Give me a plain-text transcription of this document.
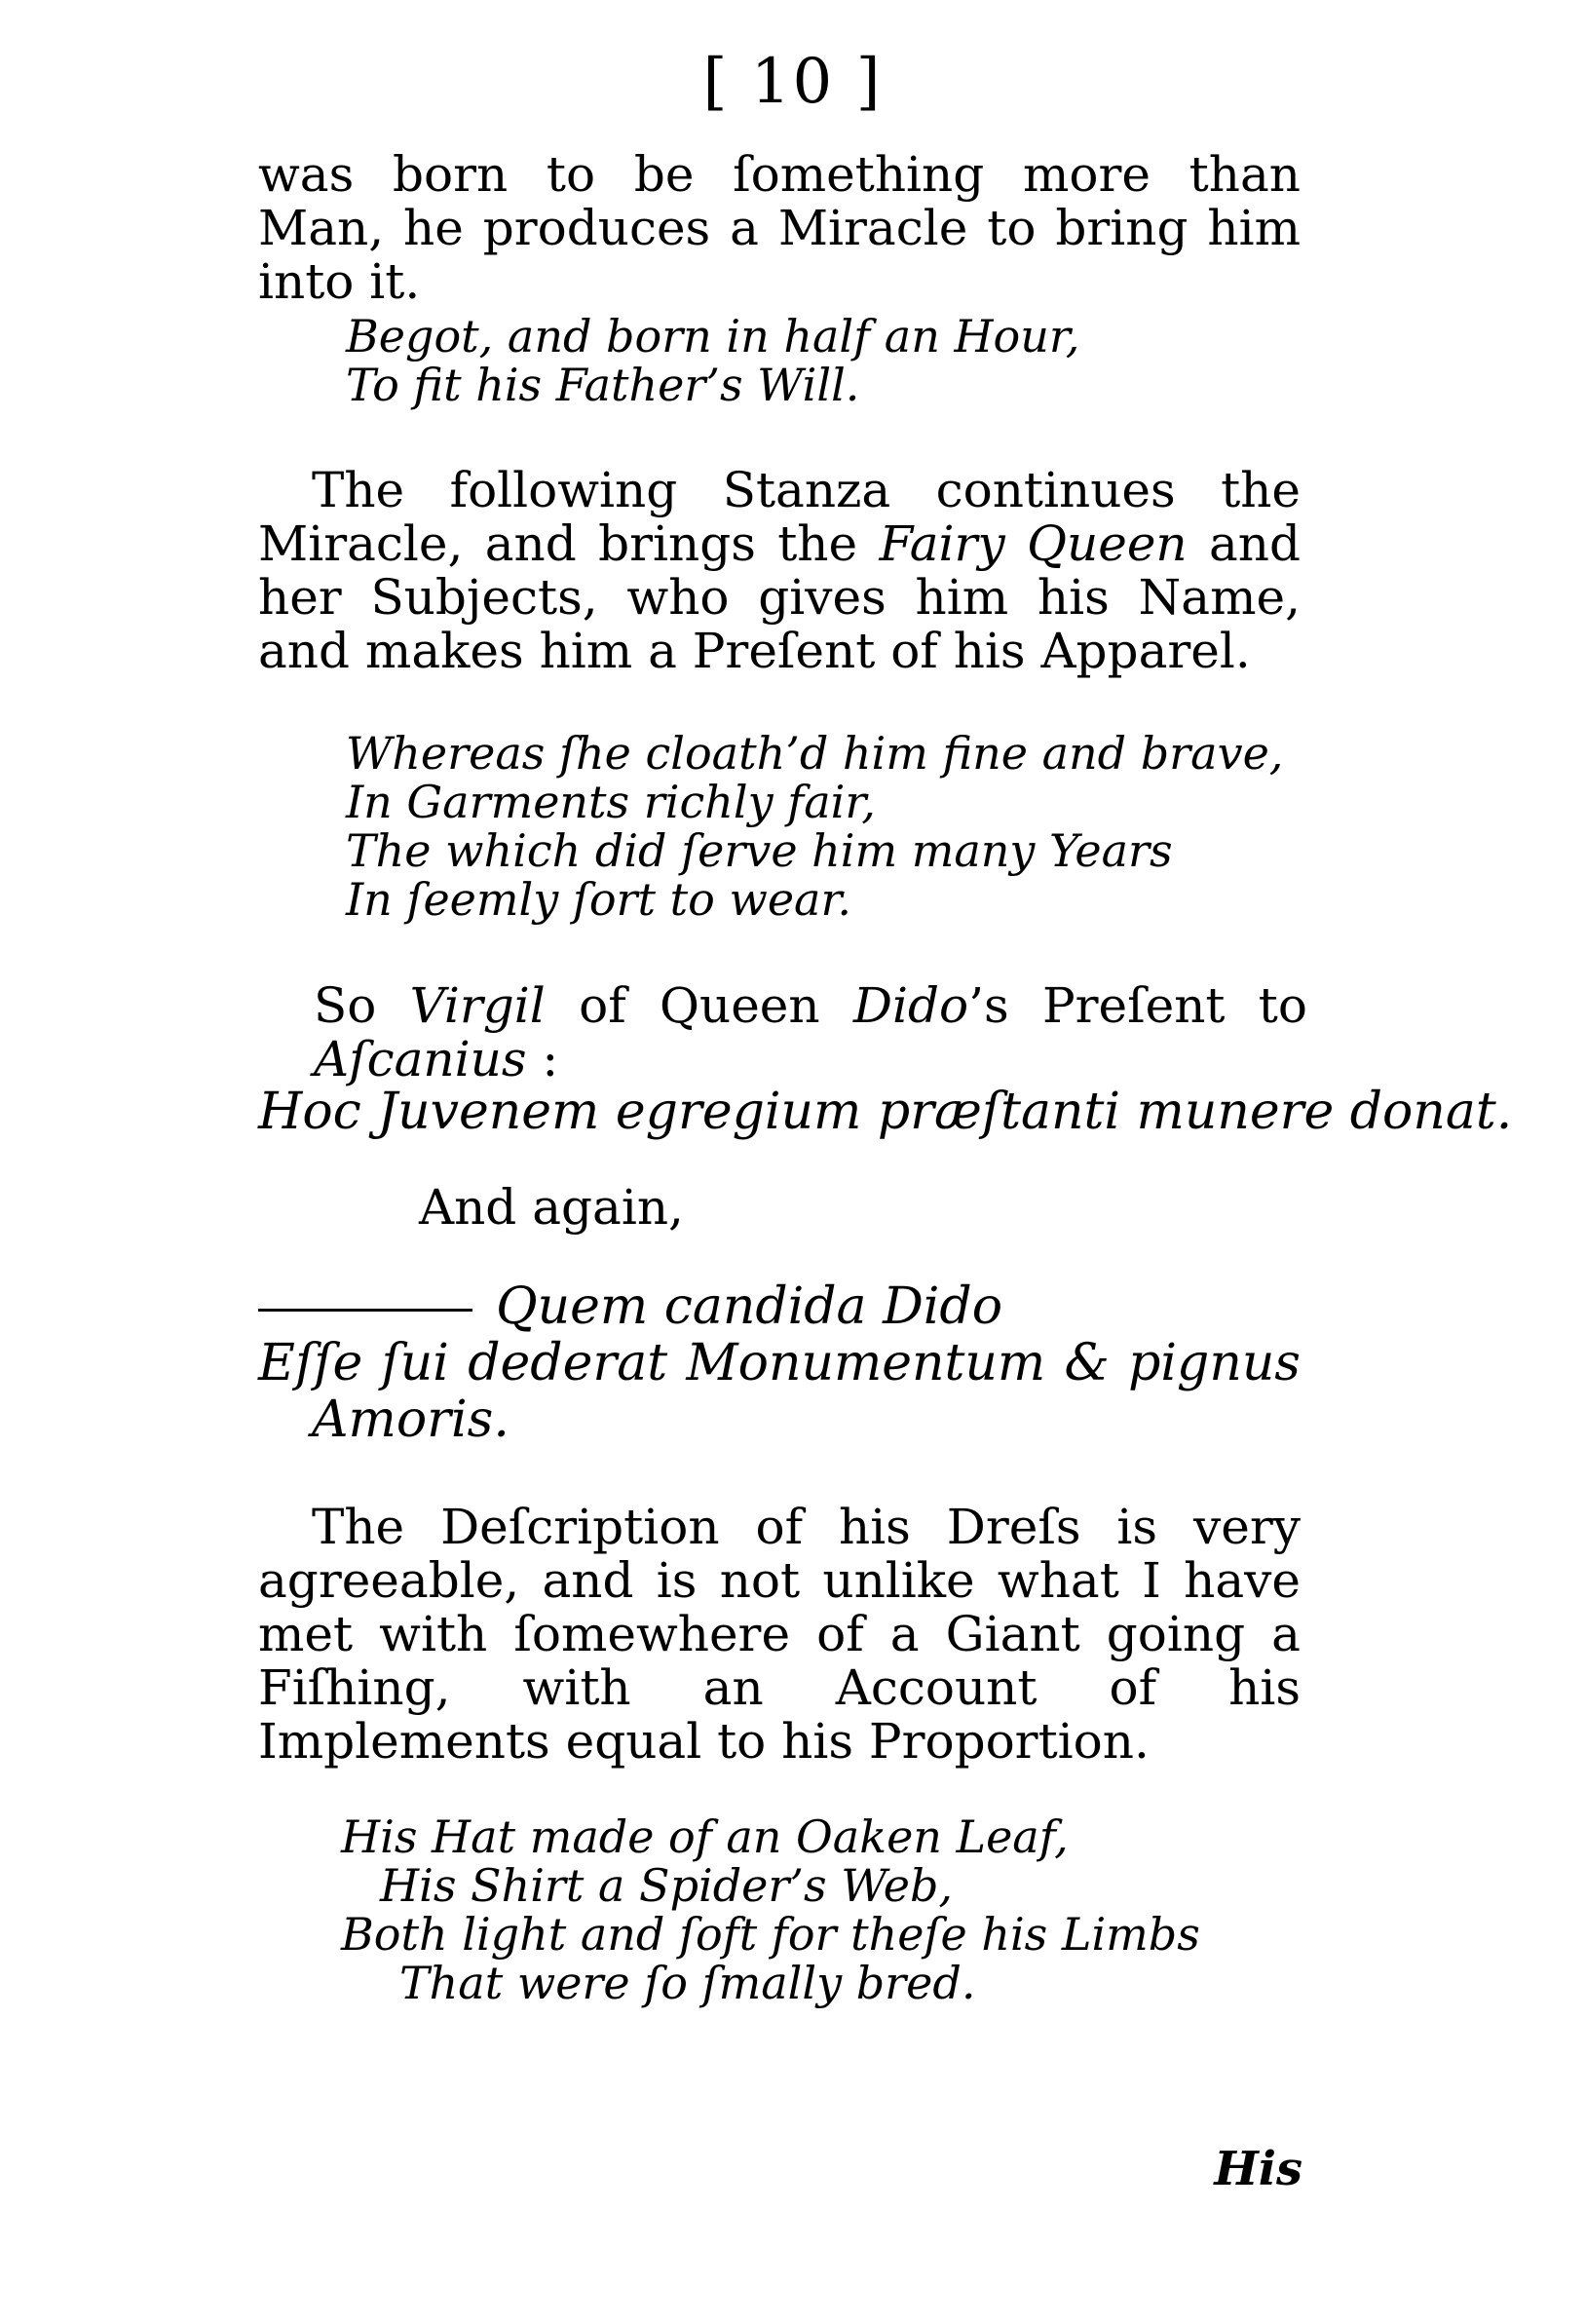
[ 10 ]
was born to be ſomething more than Man, he produces a Miracle to bring him into it.
Begot, and born in half an Hour,
To fit his Father’s Will.
The following Stanza continues the Miracle, and brings the Fairy Queen and her Subjects, who gives him his Name, and makes him a Preſent of his Apparel.
Whereas ſhe cloath’d him fine and brave,
In Garments richly fair,
The which did ſerve him many Years
In ſeemly ſort to wear.
So Virgil of Queen Dido’s Preſent to Aſcanius :
Hoc Juvenem egregium præſtanti munere donat.
And again,
Quem candida Dido
Eſſe ſui dederat Monumentum & pignus
Amoris.
The Deſcription of his Dreſs is very agreeable, and is not unlike what I have met with ſomewhere of a Giant going a Fiſhing, with an Account of his Implements equal to his Proportion.
His Hat made of an Oaken Leaf,
His Shirt a Spider’s Web,
Both light and ſoft for theſe his Limbs
That were ſo ſmally bred.
His
